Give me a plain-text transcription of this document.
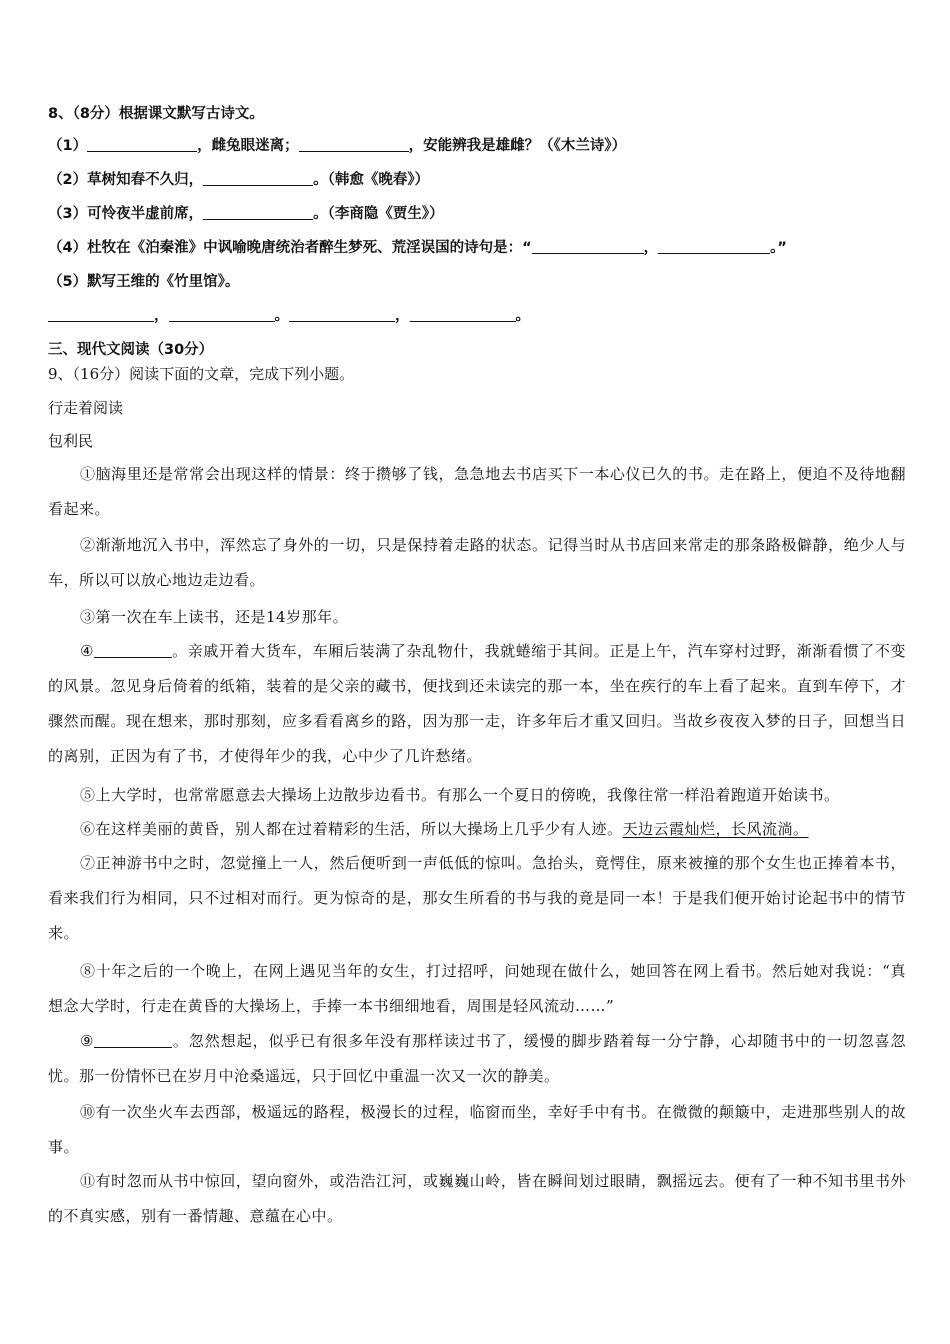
8、（8分）根据课文默写古诗文。
（1）	，雌兔眼迷离；	，安能辨我是雄雌？（《木兰诗》）
（2）草树知春不久归，	。（韩愈《晚春》）
（3）可怜夜半虚前席，	。（李商隐《贾生》）
（4）杜牧在《泊秦淮》中讽喻晚唐统治者醉生梦死、荒淫误国的诗句是：“	，	。”
（5）默写王维的《竹里馆》。
，	。	，	。
三、现代文阅读（30分）
9、（16分）阅读下面的文章，完成下列小题。
行走着阅读
包利民
①脑海里还是常常会出现这样的情景：终于攒够了钱，急急地去书店买下一本心仪已久的书。走在路上，便迫不及待地翻看起来。
②渐渐地沉入书中，浑然忘了身外的一切，只是保持着走路的状态。记得当时从书店回来常走的那条路极僻静，绝少人与车，所以可以放心地边走边看。
③第一次在车上读书，还是14岁那年。
④	。亲戚开着大货车，车厢后装满了杂乱物什，我就蜷缩于其间。正是上午，汽车穿村过野，渐渐看惯了不变的风景。忽见身后倚着的纸箱，装着的是父亲的藏书，便找到还未读完的那一本，坐在疾行的车上看了起来。直到车停下，才骤然而醒。现在想来，那时那刻，应多看看离乡的路，因为那一走，许多年后才重又回归。当故乡夜夜入梦的日子，回想当日的离别，正因为有了书，才使得年少的我，心中少了几许愁绪。
⑤上大学时，也常常愿意去大操场上边散步边看书。有那么一个夏日的傍晚，我像往常一样沿着跑道开始读书。
⑥在这样美丽的黄昏，别人都在过着精彩的生活，所以大操场上几乎少有人迹。天边云霞灿烂，长风流淌。
⑦正神游书中之时，忽觉撞上一人，然后便听到一声低低的惊叫。急抬头，竟愕住，原来被撞的那个女生也正捧着本书，看来我们行为相同，只不过相对而行。更为惊奇的是，那女生所看的书与我的竟是同一本！于是我们便开始讨论起书中的情节来。
⑧十年之后的一个晚上，在网上遇见当年的女生，打过招呼，问她现在做什么，她回答在网上看书。然后她对我说：“真想念大学时，行走在黄昏的大操场上，手捧一本书细细地看，周围是轻风流动……”
⑨	。忽然想起，似乎已有很多年没有那样读过书了，缓慢的脚步踏着每一分宁静，心却随书中的一切忽喜忽忧。那一份情怀已在岁月中沧桑遥远，只于回忆中重温一次又一次的静美。
⑩有一次坐火车去西部，极遥远的路程，极漫长的过程，临窗而坐，幸好手中有书。在微微的颠簸中，走进那些别人的故事。
⑪有时忽而从书中惊回，望向窗外，或浩浩江河，或巍巍山岭，皆在瞬间划过眼睛，飘摇远去。便有了一种不知书里书外的不真实感，别有一番情趣、意蕴在心中。
